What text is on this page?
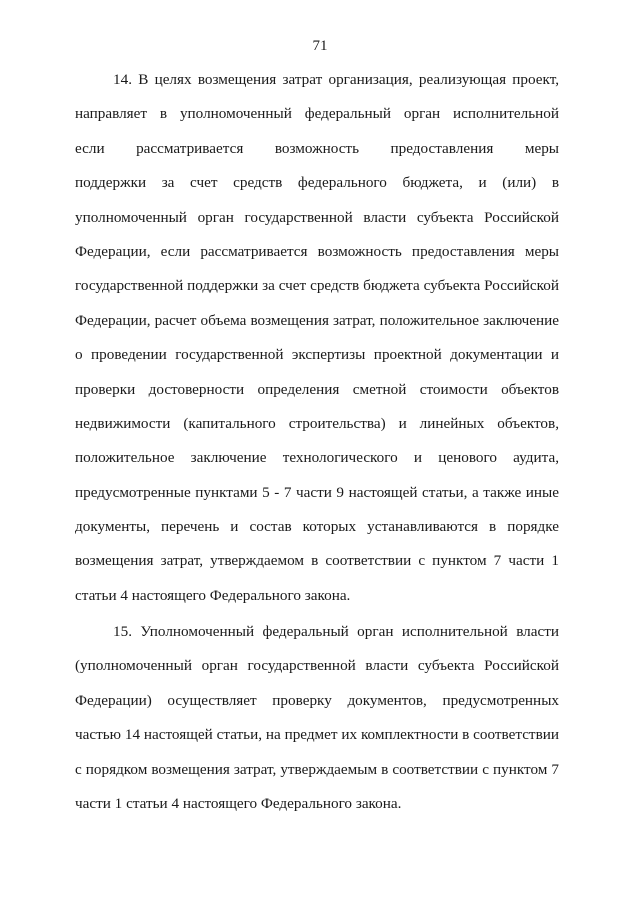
71
14. В целях возмещения затрат организация, реализующая проект,
направляет в уполномоченный федеральный орган исполнительной
если рассматривается возможность предоставления меры
поддержки за счет средств федерального бюджета, и (или) в
уполномоченный орган государственной власти субъекта Российской
Федерации, если рассматривается возможность предоставления меры
государственной поддержки за счет средств бюджета субъекта Российской
Федерации, расчет объема возмещения затрат, положительное заключение
о проведении государственной экспертизы проектной документации и
проверки достоверности определения сметной стоимости объектов
недвижимости (капитального строительства) и линейных объектов,
положительное заключение технологического и ценового аудита,
предусмотренные пунктами 5 - 7 части 9 настоящей статьи, а также иные
документы, перечень и состав которых устанавливаются в порядке
возмещения затрат, утверждаемом в соответствии с пунктом 7 части 1
статьи 4 настоящего Федерального закона.
15. Уполномоченный федеральный орган исполнительной власти
(уполномоченный орган государственной власти субъекта Российской
Федерации) осуществляет проверку документов, предусмотренных
частью 14 настоящей статьи, на предмет их комплектности в соответствии
с порядком возмещения затрат, утверждаемым в соответствии с пунктом 7
части 1 статьи 4 настоящего Федерального закона.
